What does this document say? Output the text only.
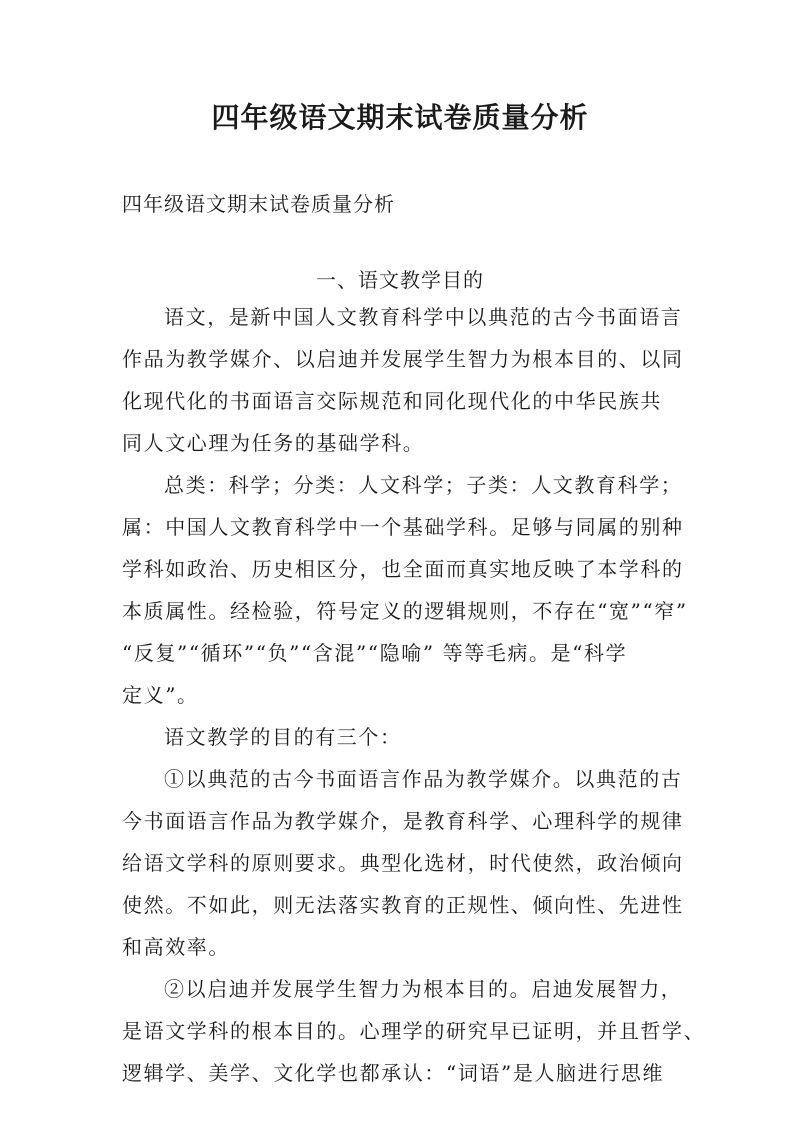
四年级语文期末试卷质量分析
四年级语文期末试卷质量分析
一、语文教学目的
语文，是新中国人文教育科学中以典范的古今书面语言
作品为教学媒介、以启迪并发展学生智力为根本目的、以同
化现代化的书面语言交际规范和同化现代化的中华民族共
同人文心理为任务的基础学科。
总类：科学；分类：人文科学；子类：人文教育科学；
属：中国人文教育科学中一个基础学科。足够与同属的别种
学科如政治、历史相区分，也全面而真实地反映了本学科的
本质属性。经检验，符号定义的逻辑规则，不存在“宽”“窄”
“反复”“循环”“负”“含混”“隐喻” 等等毛病。是“科学
定义”。
语文教学的目的有三个：
①以典范的古今书面语言作品为教学媒介。以典范的古
今书面语言作品为教学媒介，是教育科学、心理科学的规律
给语文学科的原则要求。典型化选材，时代使然，政治倾向
使然。不如此，则无法落实教育的正规性、倾向性、先进性
和高效率。
②以启迪并发展学生智力为根本目的。启迪发展智力，
是语文学科的根本目的。心理学的研究早已证明，并且哲学、
逻辑学、美学、文化学也都承认：“词语”是人脑进行思维
